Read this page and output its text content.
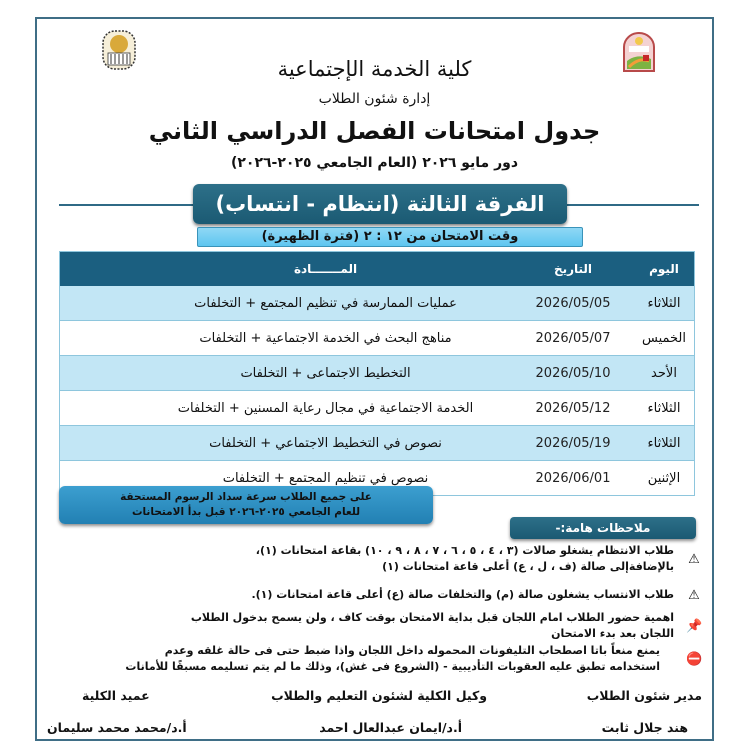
كلية الخدمة الإجتماعية
إدارة شئون الطلاب
جدول امتحانات الفصل الدراسي الثاني
دور مايو ٢٠٢٦ (العام الجامعي ٢٠٢٥-٢٠٢٦)
الفرقة الثالثة (انتظام - انتساب)
وقت الامتحان من ١٢ : ٢ (فترة الظهيرة)
اليوم	التاريخ	المـــــــادة
الثلاثاء	2026/05/05	عمليات الممارسة في تنظيم المجتمع + التخلفات
الخميس	2026/05/07	مناهج البحث في الخدمة الاجتماعية + التخلفات
الأحد	2026/05/10	التخطيط الاجتماعى + التخلفات
الثلاثاء	2026/05/12	الخدمة الاجتماعية في مجال رعاية المسنين + التخلفات
الثلاثاء	2026/05/19	نصوص في التخطيط الاجتماعي + التخلفات
الإثنين	2026/06/01	نصوص في تنظيم المجتمع + التخلفات
على جميع الطلاب سرعة سداد الرسوم المستحقة
للعام الجامعي ٢٠٢٥-٢٠٢٦ قبل بدأ الامتحانات
ملاحظات هامة:-
⚠
طلاب الانتظام يشغلو صالات (٣ ، ٤ ، ٥ ، ٦ ، ٧ ، ٨ ، ٩ ، ١٠) بقاعة امتحانات (١)،
بالإضافةإلى صالة (ف ، ل ، ع) أعلى قاعة امتحانات (١)
⚠
طلاب الانتساب يشغلون صالة (م) والتخلفات صالة (ع) أعلى قاعة امتحانات (١).
📌
اهمية حضور الطلاب امام اللجان قبل بداية الامتحان بوقت كاف ، ولن يسمح بدخول الطلاب
اللجان بعد بدء الامتحان
⛔
يمنع منعاً باتا اصطحاب التليفونات المحموله داخل اللجان واذا ضبط حتى فى حالة غلقه وعدم
استخدامه تطبق عليه العقوبات التأديبية - (الشروع فى غش)، وذلك ما لم يتم تسليمه مسبقًا للأمانات
مدير شئون الطلاب
وكيل الكلية لشئون التعليم والطلاب
عميد الكلية
هند جلال ثابت
أ.د/ايمان عبدالعال احمد
أ.د/محمد محمد سليمان
